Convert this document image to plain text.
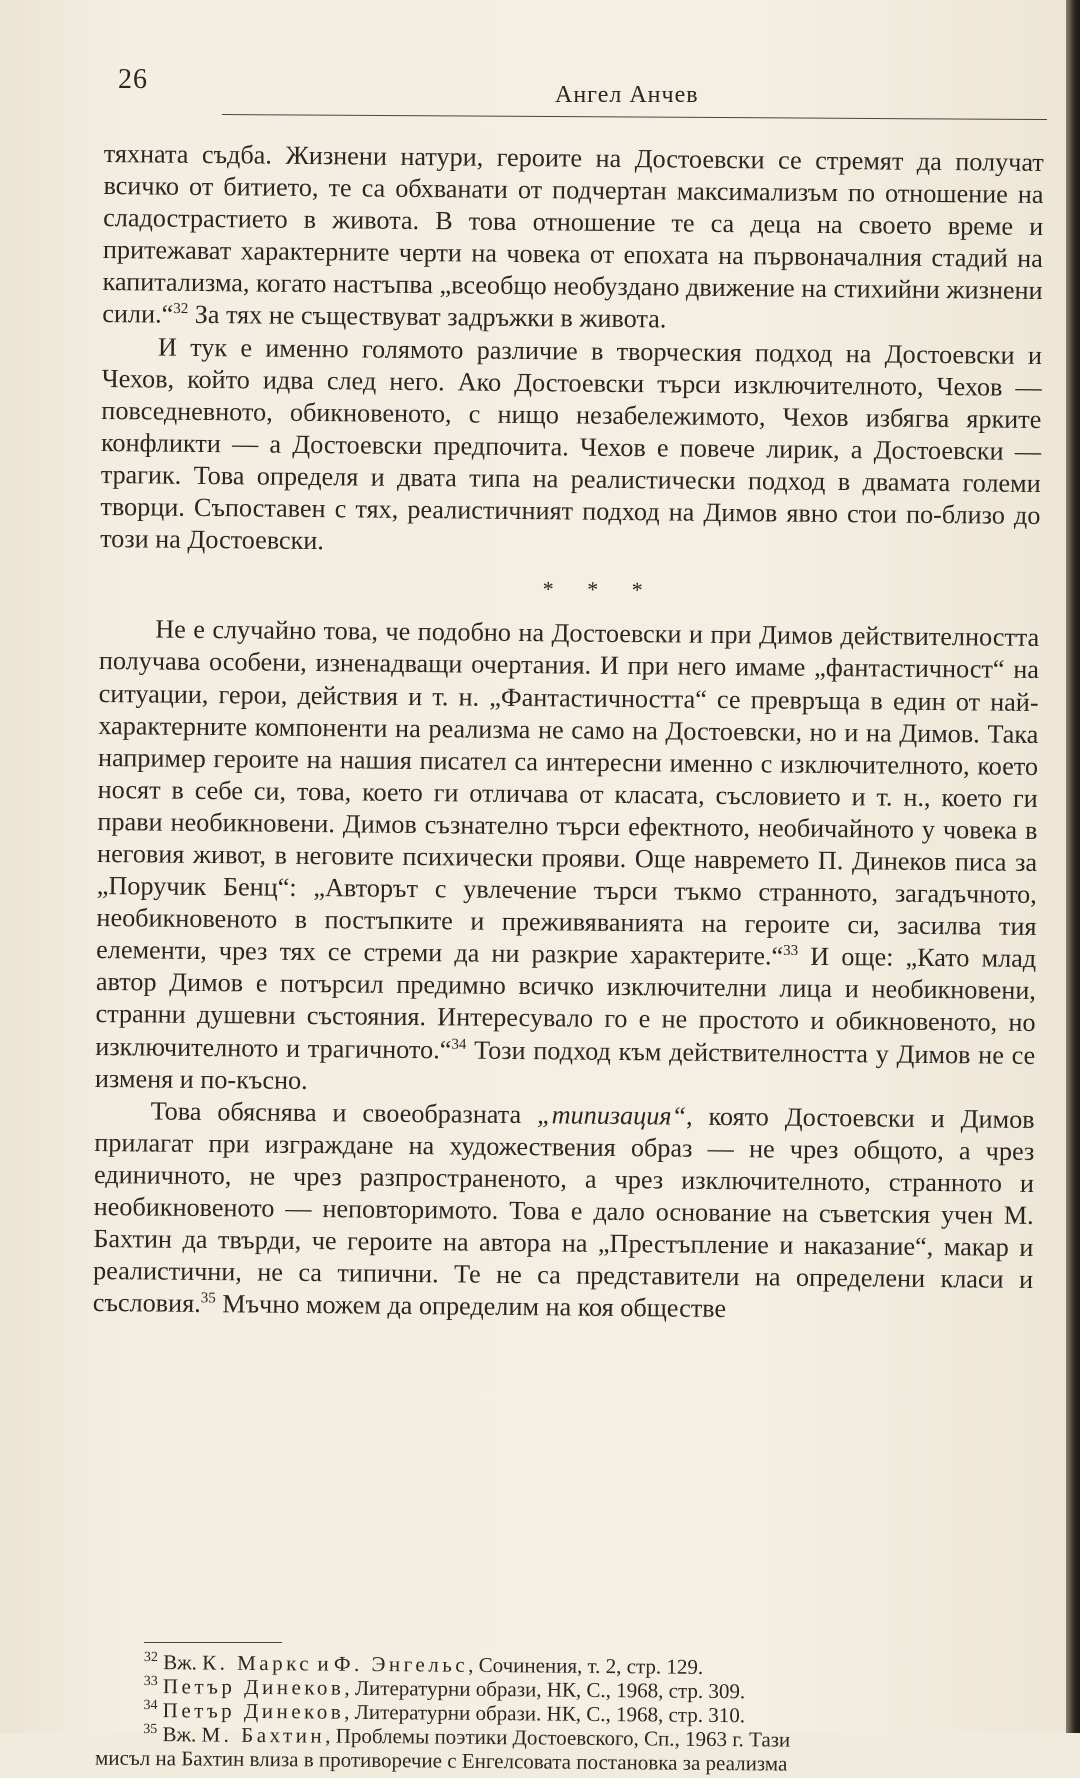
26	Ангел Анчев

тяхната съдба. Жизнени натури, героите на Достоевски се стремят да получат всичко от битието, те са обхванати от подчертан максимализъм по отношение на сладострастието в живота. В това отношение те са деца на своето време и притежават характерните черти на човека от епохата на първоначалния стадий на капитализма, когато настъпва „всеобщо необуздано движение на стихийни жизнени сили.“$^{32}$ За тях не съществуват задръжки в живота.

И тук е именно голямото различие в творческия подход на Достоевски и Чехов, който идва след него. Ако Достоевски търси изключителното, Чехов — повседневното, обикновеното, с нищо незабележимото, Чехов избягва ярките конфликти — а Достоевски предпочита. Чехов е повече лирик, а Достоевски — трагик. Това определя и двата типа на реалистически подход в двамата големи творци. Съпоставен с тях, реалистичният подход на Димов явно стои по-близо до този на Достоевски.

* * *

Не е случайно това, че подобно на Достоевски и при Димов действителността получава особени, изненадващи очертания. И при него имаме „фантастичност“ на ситуации, герои, действия и т. н. „Фантастичността“ се превръща в един от най-характерните компоненти на реализма не само на Достоевски, но и на Димов. Така например героите на нашия писател са интересни именно с изключителното, което носят в себе си, това, което ги отличава от класата, съсловието и т. н., което ги прави необикновени. Димов съзнателно търси ефектното, необичайното у човека в неговия живот, в неговите психически прояви. Още навремето П. Динеков писа за „Поручик Бенц“: „Авторът с увлечение търси тъкмо странното, загадъчното, необикновеното в постъпките и преживяванията на героите си, засилва тия елементи, чрез тях се стреми да ни разкрие характерите.“$^{33}$ И още: „Като млад автор Димов е потърсил предимно всичко изключителни лица и необикновени, странни душевни състояния. Интересувало го е не простото и обикновеното, но изключителното и трагичното.“$^{34}$ Този подход към действителността у Димов не се изменя и по-късно.

Това обяснява и своеобразната „типизация“, която Достоевски и Димов прилагат при изграждане на художествения образ — не чрез общото, а чрез единичното, не чрез разпространеното, а чрез изключителното, странното и необикновеното — неповторимото. Това е дало основание на съветския учен М. Бахтин да твърди, че героите на автора на „Престъпление и наказание“, макар и реалистични, не са типични. Те не са представители на определени класи и съсловия.$^{35}$ Мъчно можем да определим на коя обществе

$^{32}$ Вж. К. Маркс и Ф. Энгельс, Сочинения, т. 2, стр. 129.
$^{33}$ Петър Динеков, Литературни образи, НК, С., 1968, стр. 309.
$^{34}$ Петър Динеков, Литературни образи. НК, С., 1968, стр. 310.
$^{35}$ Вж. М. Бахтин, Проблемы поэтики Достоевского, Сп., 1963 г. Тази
мисъл на Бахтин влиза в противоречие с Енгелсовата постановка за реализма
